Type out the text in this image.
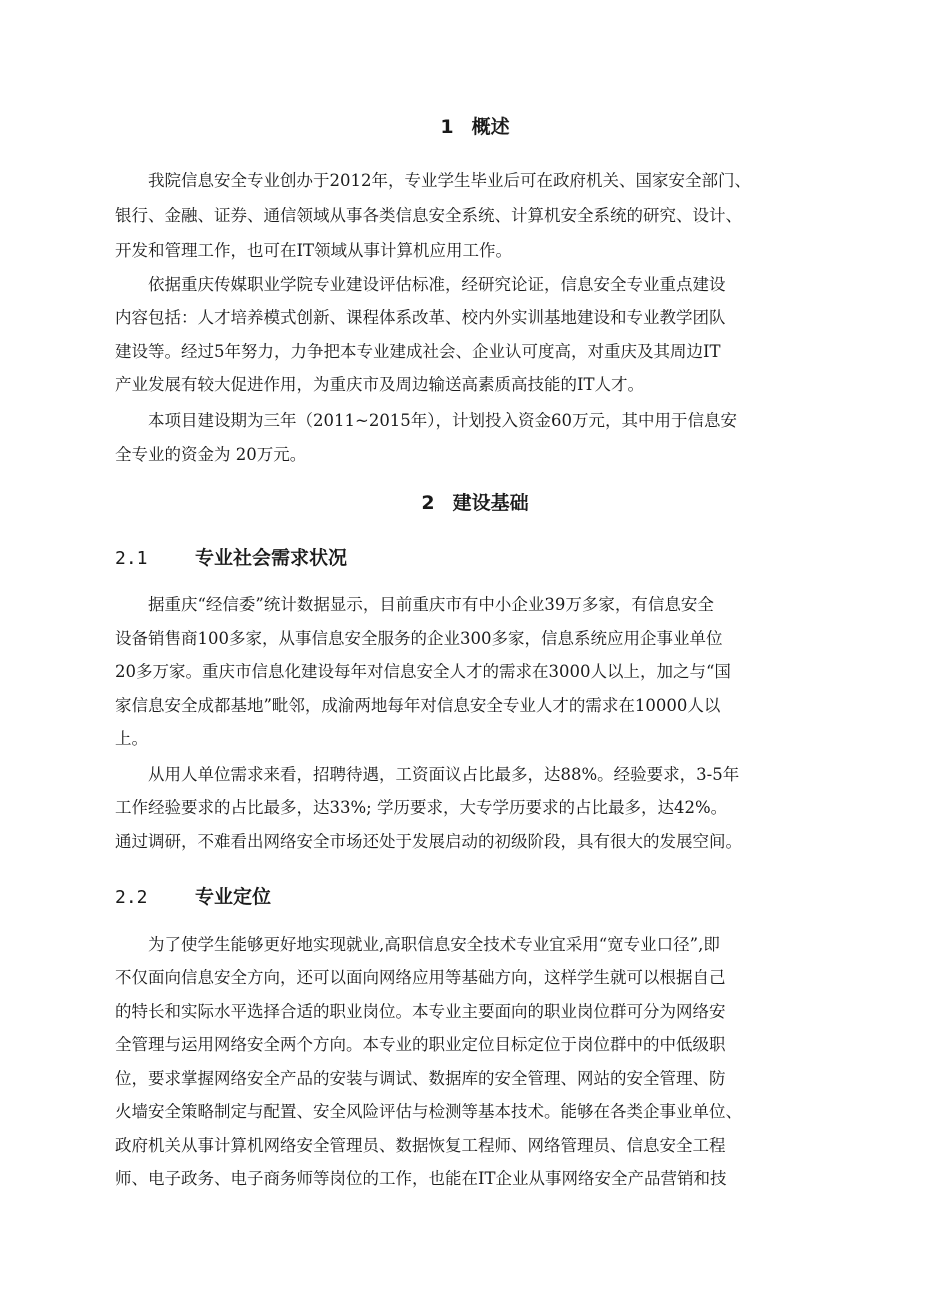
1 概述
我院信息安全专业创办于2012年，专业学生毕业后可在政府机关、国家安全部门、
银行、金融、证券、通信领域从事各类信息安全系统、计算机安全系统的研究、设计、
开发和管理工作，也可在IT领域从事计算机应用工作。
依据重庆传媒职业学院专业建设评估标准，经研究论证，信息安全专业重点建设
内容包括：人才培养模式创新、课程体系改革、校内外实训基地建设和专业教学团队
建设等。经过5年努力，力争把本专业建成社会、企业认可度高，对重庆及其周边IT
产业发展有较大促进作用，为重庆市及周边输送高素质高技能的IT人才。
本项目建设期为三年（2011~2015年），计划投入资金60万元，其中用于信息安
全专业的资金为 20万元。
2 建设基础
2.1 专业社会需求状况
据重庆“经信委”统计数据显示，目前重庆市有中小企业39万多家，有信息安全
设备销售商100多家，从事信息安全服务的企业300多家，信息系统应用企事业单位
20多万家。重庆市信息化建设每年对信息安全人才的需求在3000人以上，加之与“国
家信息安全成都基地”毗邻，成渝两地每年对信息安全专业人才的需求在10000人以
上。
从用人单位需求来看，招聘待遇，工资面议占比最多，达88%。经验要求，3-5年
工作经验要求的占比最多，达33%; 学历要求，大专学历要求的占比最多，达42%。
通过调研，不难看出网络安全市场还处于发展启动的初级阶段，具有很大的发展空间。
2.2 专业定位
为了使学生能够更好地实现就业,高职信息安全技术专业宜采用“宽专业口径”,即
不仅面向信息安全方向，还可以面向网络应用等基础方向，这样学生就可以根据自己
的特长和实际水平选择合适的职业岗位。本专业主要面向的职业岗位群可分为网络安
全管理与运用网络安全两个方向。本专业的职业定位目标定位于岗位群中的中低级职
位，要求掌握网络安全产品的安装与调试、数据库的安全管理、网站的安全管理、防
火墙安全策略制定与配置、安全风险评估与检测等基本技术。能够在各类企事业单位、
政府机关从事计算机网络安全管理员、数据恢复工程师、网络管理员、信息安全工程
师、电子政务、电子商务师等岗位的工作，也能在IT企业从事网络安全产品营销和技
